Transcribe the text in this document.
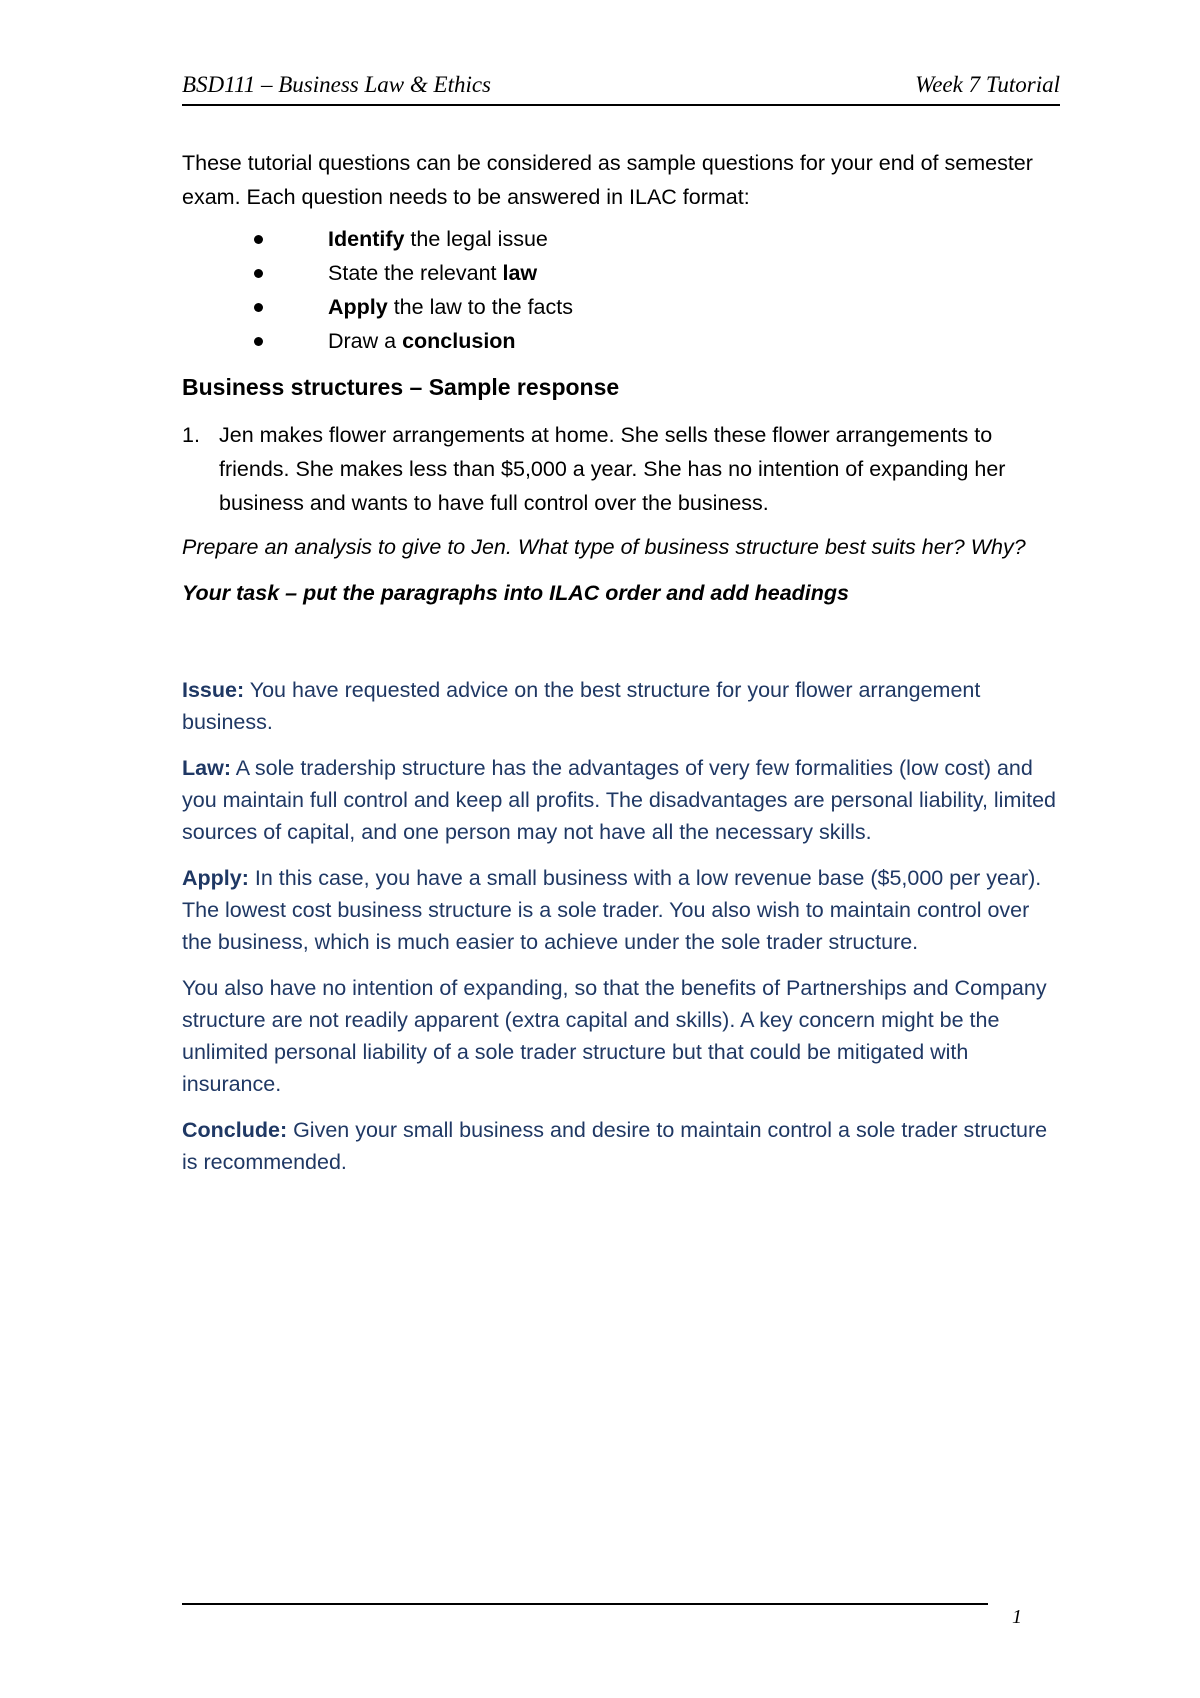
BSD111 – Business Law & Ethics	Week 7 Tutorial

These tutorial questions can be considered as sample questions for your end of semester exam. Each question needs to be answered in ILAC format:

Identify the legal issue
State the relevant law
Apply the law to the facts
Draw a conclusion
Business structures – Sample response

1. Jen makes flower arrangements at home. She sells these flower arrangements to friends. She makes less than $5,000 a year. She has no intention of expanding her business and wants to have full control over the business.

Prepare an analysis to give to Jen. What type of business structure best suits her? Why?

Your task – put the paragraphs into ILAC order and add headings

Issue: You have requested advice on the best structure for your flower arrangement business.

Law: A sole tradership structure has the advantages of very few formalities (low cost) and you maintain full control and keep all profits. The disadvantages are personal liability, limited sources of capital, and one person may not have all the necessary skills.

Apply: In this case, you have a small business with a low revenue base ($5,000 per year). The lowest cost business structure is a sole trader. You also wish to maintain control over the business, which is much easier to achieve under the sole trader structure.

You also have no intention of expanding, so that the benefits of Partnerships and Company structure are not readily apparent (extra capital and skills). A key concern might be the unlimited personal liability of a sole trader structure but that could be mitigated with insurance.

Conclude: Given your small business and desire to maintain control a sole trader structure is recommended.

1
